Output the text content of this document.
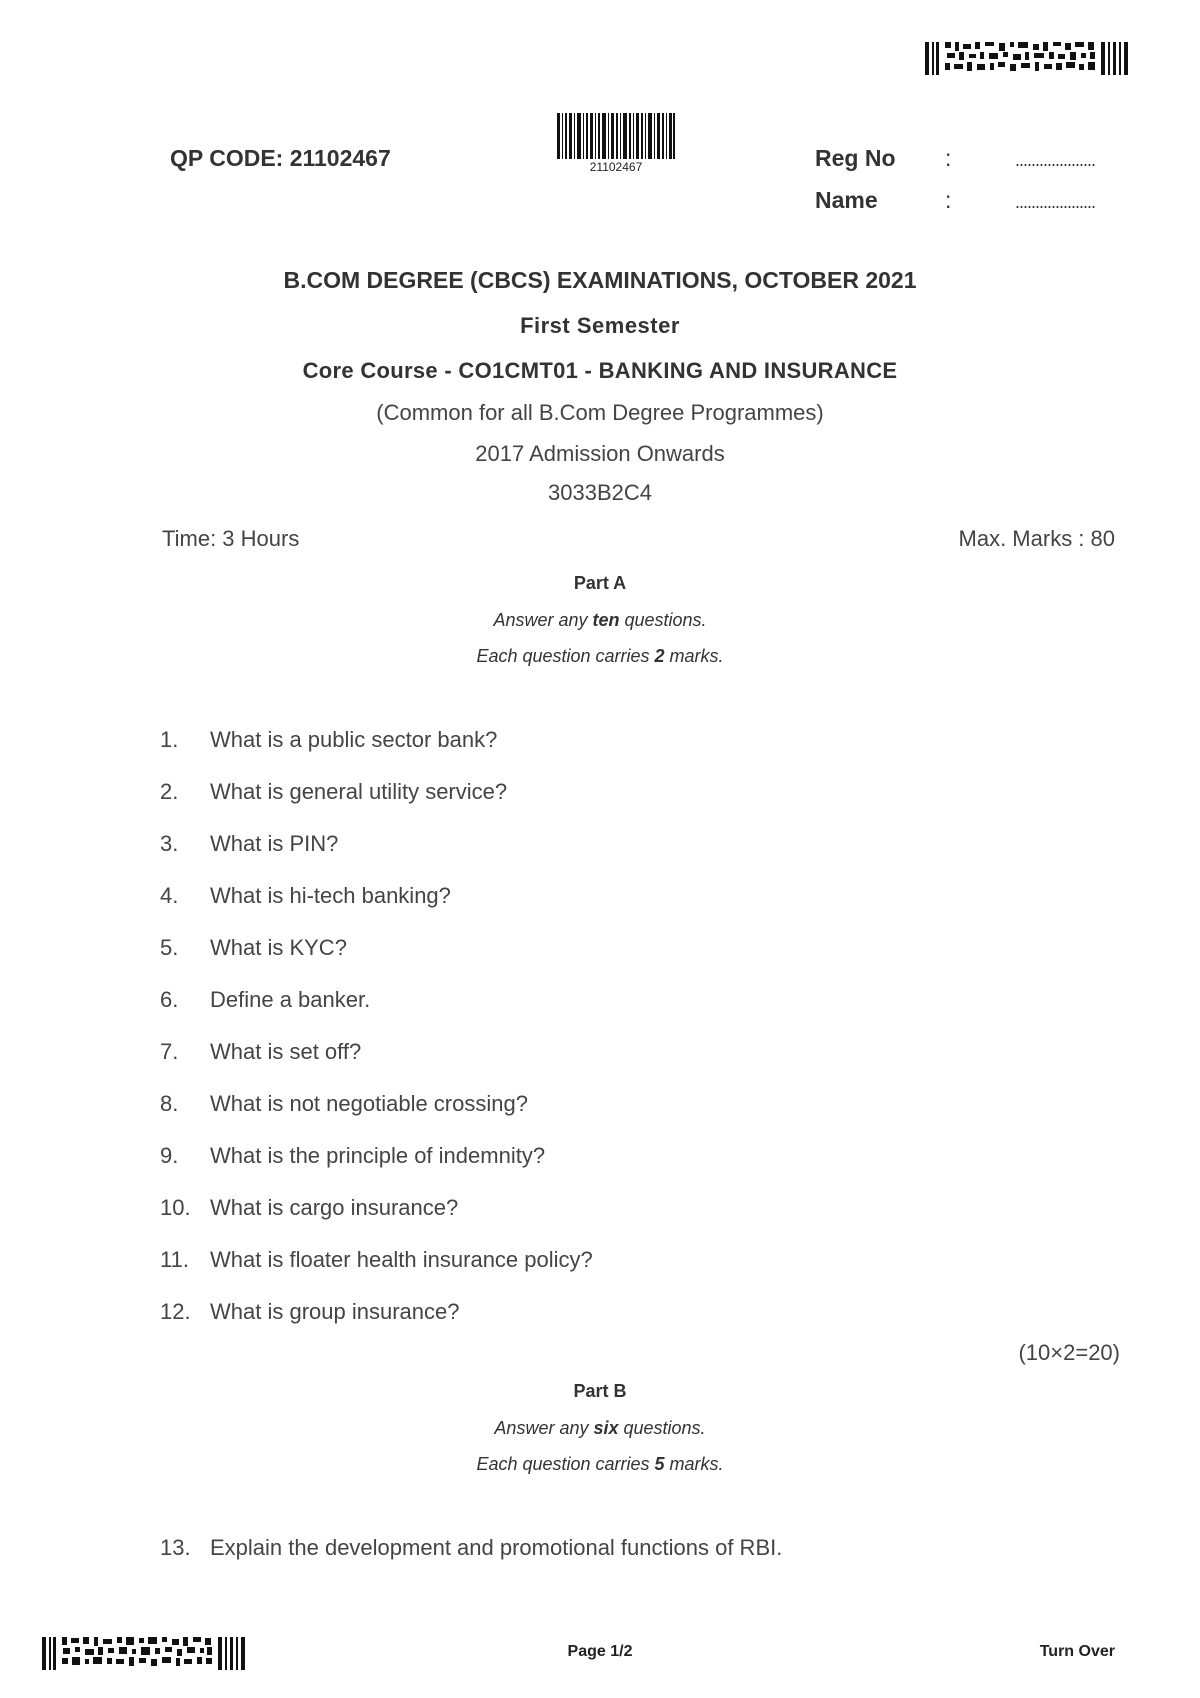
QP CODE: 21102467	21102467	Reg No :	....................
Name	:	....................
B.COM DEGREE (CBCS) EXAMINATIONS, OCTOBER 2021
First Semester
Core Course - CO1CMT01 - BANKING AND INSURANCE
(Common for all B.Com Degree Programmes)
2017 Admission Onwards
3033B2C4
Time: 3 Hours	Max. Marks : 80
Part A
Answer any ten questions.
Each question carries 2 marks.
1. What is a public sector bank?
2. What is general utility service?
3. What is PIN?
4. What is hi-tech banking?
5. What is KYC?
6. Define a banker.
7. What is set off?
8. What is not negotiable crossing?
9. What is the principle of indemnity?
10. What is cargo insurance?
11. What is floater health insurance policy?
12. What is group insurance?
(10×2=20)
Part B
Answer any six questions.
Each question carries 5 marks.
13. Explain the development and promotional functions of RBI.
Page 1/2	Turn Over
